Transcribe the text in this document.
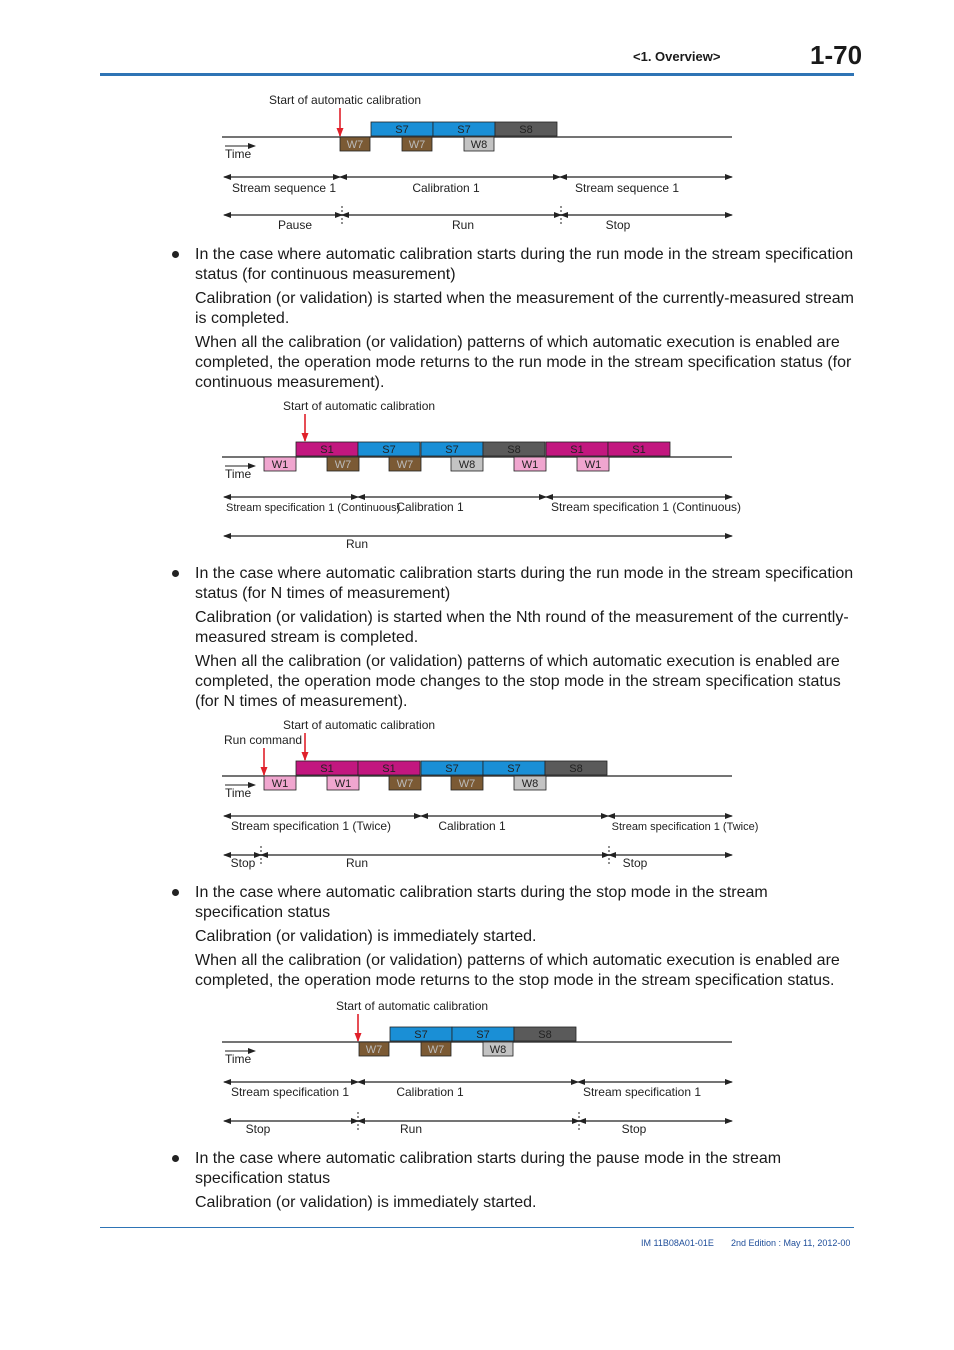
<1. Overview>	1-70
Start of automatic calibration
S7	S7	S8
Time
W7	W7	W8
Stream sequence 1	Calibration 1	Stream sequence 1
Pause	Run	Stop
Start of automatic calibration
S1	S7	S7	S8	S1	S1
Time
W1	W7	W7	W8	W1	W1
Stream specification 1 (Continuous)
Calibration 1	Stream specification 1 (Continuous)
Run
Start of automatic calibration
Run command
S1	S1	S7	S7	S8
Time
W1	W1	W7	W7	W8
Stream specification 1 (Twice)	Calibration 1	Stream specification 1 (Twice)
Stop	Run	Stop
Start of automatic calibration
S7	S7	S8
Time
W7	W7	W8
Stream specification 1	Calibration 1	Stream specification 1
Stop	Run	Stop

In the case where automatic calibration starts during the run mode in the stream specification status (for continuous measurement)

Calibration (or validation) is started when the measurement of the currently-measured stream is completed.

When all the calibration (or validation) patterns of which automatic execution is enabled are completed, the operation mode returns to the run mode in the stream specification status (for continuous measurement).

In the case where automatic calibration starts during the run mode in the stream specification status (for N times of measurement)

Calibration (or validation) is started when the Nth round of the measurement of the currently-measured stream is completed.

When all the calibration (or validation) patterns of which automatic execution is enabled are completed, the operation mode changes to the stop mode in the stream specification status (for N times of measurement).

In the case where automatic calibration starts during the stop mode in the stream specification status

Calibration (or validation) is immediately started.

When all the calibration (or validation) patterns of which automatic execution is enabled are completed, the operation mode returns to the stop mode in the stream specification status.

In the case where automatic calibration starts during the pause mode in the stream specification status

Calibration (or validation) is immediately started.

IM 11B08A01-01E 2nd Edition : May 11, 2012-00
